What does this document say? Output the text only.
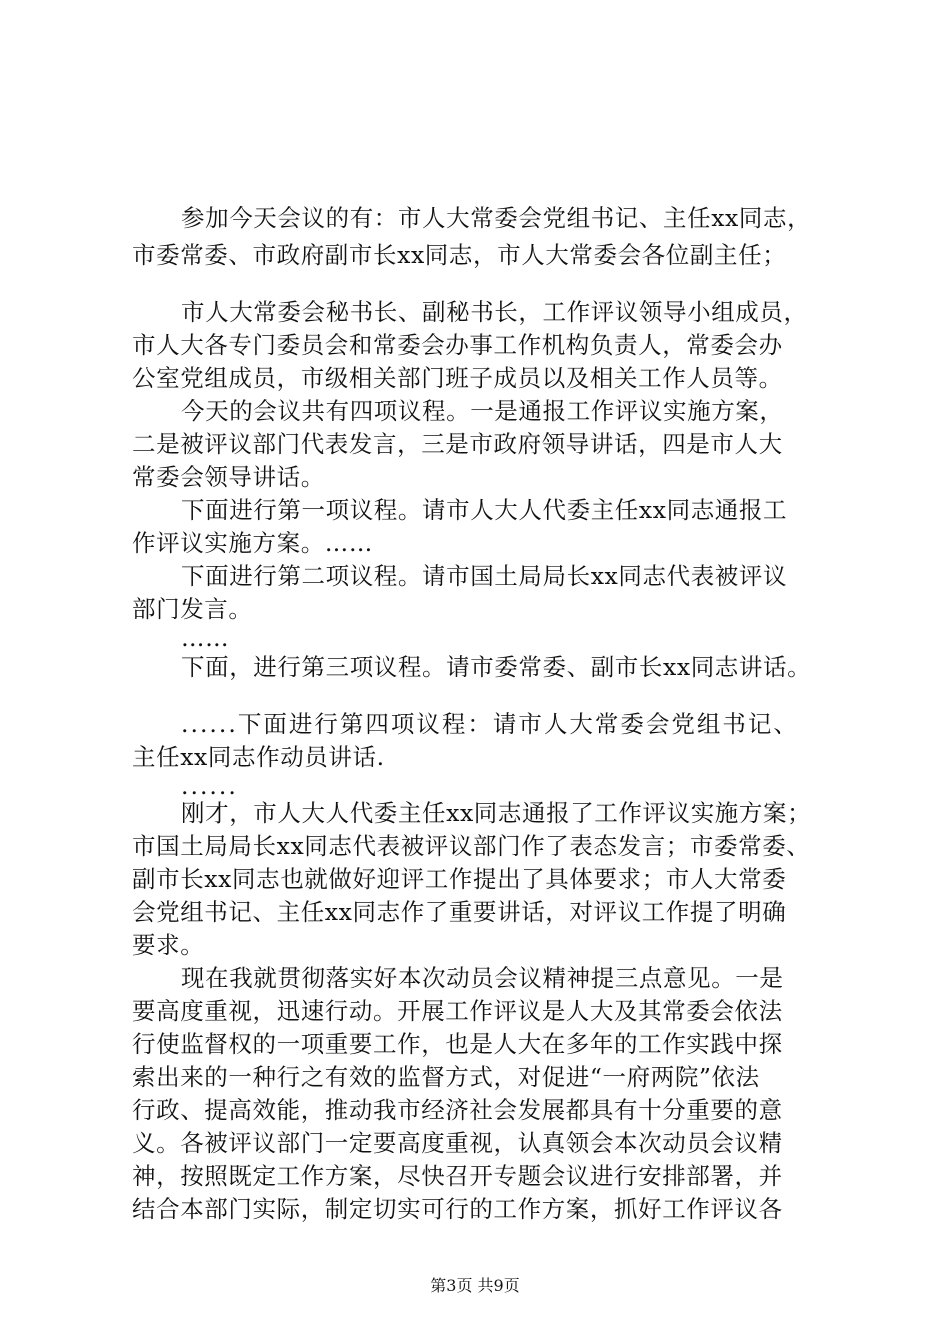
参加今天会议的有：市人大常委会党组书记、主任xx同志，
市委常委、市政府副市长xx同志，市人大常委会各位副主任；
市人大常委会秘书长、副秘书长，工作评议领导小组成员，
市人大各专门委员会和常委会办事工作机构负责人，常委会办
公室党组成员，市级相关部门班子成员以及相关工作人员等。
今天的会议共有四项议程。一是通报工作评议实施方案，
二是被评议部门代表发言，三是市政府领导讲话，四是市人大
常委会领导讲话。
下面进行第一项议程。请市人大人代委主任xx同志通报工
作评议实施方案。……
下面进行第二项议程。请市国土局局长xx同志代表被评议
部门发言。
……
下面，进行第三项议程。请市委常委、副市长xx同志讲话。
......下面进行第四项议程：请市人大常委会党组书记、
主任xx同志作动员讲话.
......
刚才，市人大人代委主任xx同志通报了工作评议实施方案；
市国土局局长xx同志代表被评议部门作了表态发言；市委常委、
副市长xx同志也就做好迎评工作提出了具体要求；市人大常委
会党组书记、主任xx同志作了重要讲话，对评议工作提了明确
要求。
现在我就贯彻落实好本次动员会议精神提三点意见。一是
要高度重视，迅速行动。开展工作评议是人大及其常委会依法
行使监督权的一项重要工作，也是人大在多年的工作实践中探
索出来的一种行之有效的监督方式，对促进“一府两院”依法
行政、提高效能，推动我市经济社会发展都具有十分重要的意
义。各被评议部门一定要高度重视，认真领会本次动员会议精
神，按照既定工作方案，尽快召开专题会议进行安排部署，并
结合本部门实际，制定切实可行的工作方案，抓好工作评议各
第3页 共9页
